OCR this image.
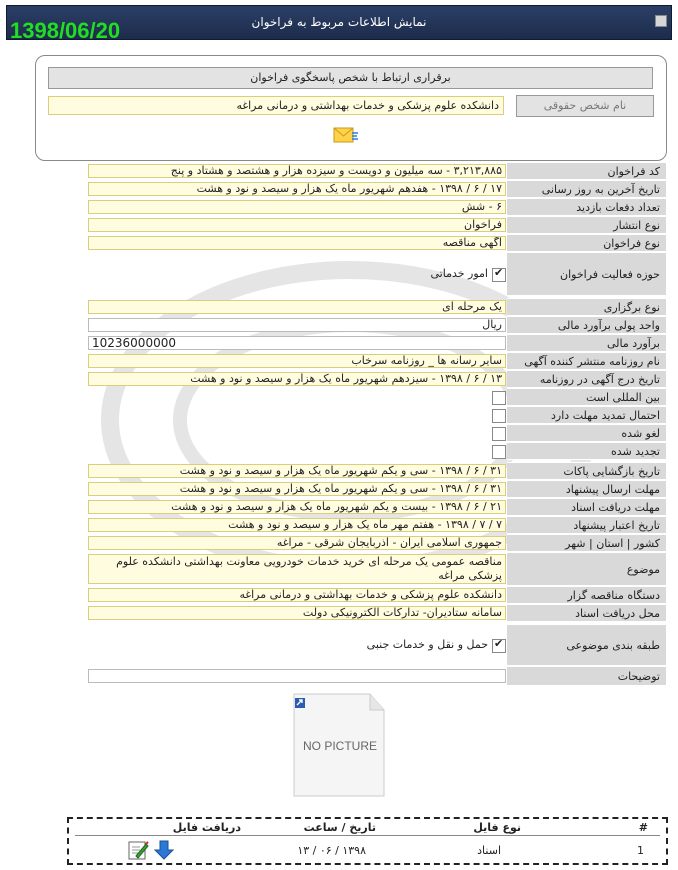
1398/06/20	نمایش اطلاعات مربوط به فراخوان
برقراری ارتباط با شخص پاسخگوی فراخوان
نام شخص حقوقی
دانشکده علوم پزشکی و خدمات بهداشتی و درمانی مراغه
کد فراخوان
۳,۲۱۳,۸۸۵ - سه میلیون و دویست و سیزده هزار و هشتصد و هشتاد و پنج
تاریخ آخرین به روز رسانی
۱۷ / ۶ / ۱۳۹۸ - هفدهم شهریور ماه یک هزار و سیصد و نود و هشت
تعداد دفعات بازدید
۶ - شش
نوع انتشار
فراخوان
نوع فراخوان
آگهی مناقصه
حوزه فعالیت فراخوان
✔
امور خدماتی
نوع برگزاری
یک مرحله ای
واحد پولی برآورد مالی
ریال
برآورد مالی
10236000000
نام روزنامه منتشر کننده آگهی
سایر رسانه ها _ روزنامه سرخاب
تاریخ درج آگهی در روزنامه
۱۳ / ۶ / ۱۳۹۸ - سیزدهم شهریور ماه یک هزار و سیصد و نود و هشت
بین المللی است
احتمال تمدید مهلت دارد
لغو شده
تجدید شده
تاریخ بازگشایی پاکات
۳۱ / ۶ / ۱۳۹۸ - سی و یکم شهریور ماه یک هزار و سیصد و نود و هشت
مهلت ارسال پیشنهاد
۳۱ / ۶ / ۱۳۹۸ - سی و یکم شهریور ماه یک هزار و سیصد و نود و هشت
مهلت دریافت اسناد
۲۱ / ۶ / ۱۳۹۸ - بیست و یکم شهریور ماه یک هزار و سیصد و نود و هشت
تاریخ اعتبار پیشنهاد
۷ / ۷ / ۱۳۹۸ - هفتم مهر ماه یک هزار و سیصد و نود و هشت
کشور | استان | شهر
جمهوری اسلامی ایران - آذربایجان شرقی - مراغه
موضوع
مناقصه عمومی یک مرحله ای خرید خدمات خودرویی معاونت بهداشتی دانشکده علوم پزشکی مراغه
دستگاه مناقصه گزار
دانشکده علوم پزشکی و خدمات بهداشتی و درمانی مراغه
محل دریافت اسناد
سامانه ستادیران- تدارکات الکترونیکی دولت
طبقه بندی موضوعی
✔
حمل و نقل و خدمات جنبی
توضیحات
NO PICTURE
#
نوع فایل
تاریخ / ساعت
دریافت فایل
1
اسناد
۱۳ / ۰۶ / ۱۳۹۸
